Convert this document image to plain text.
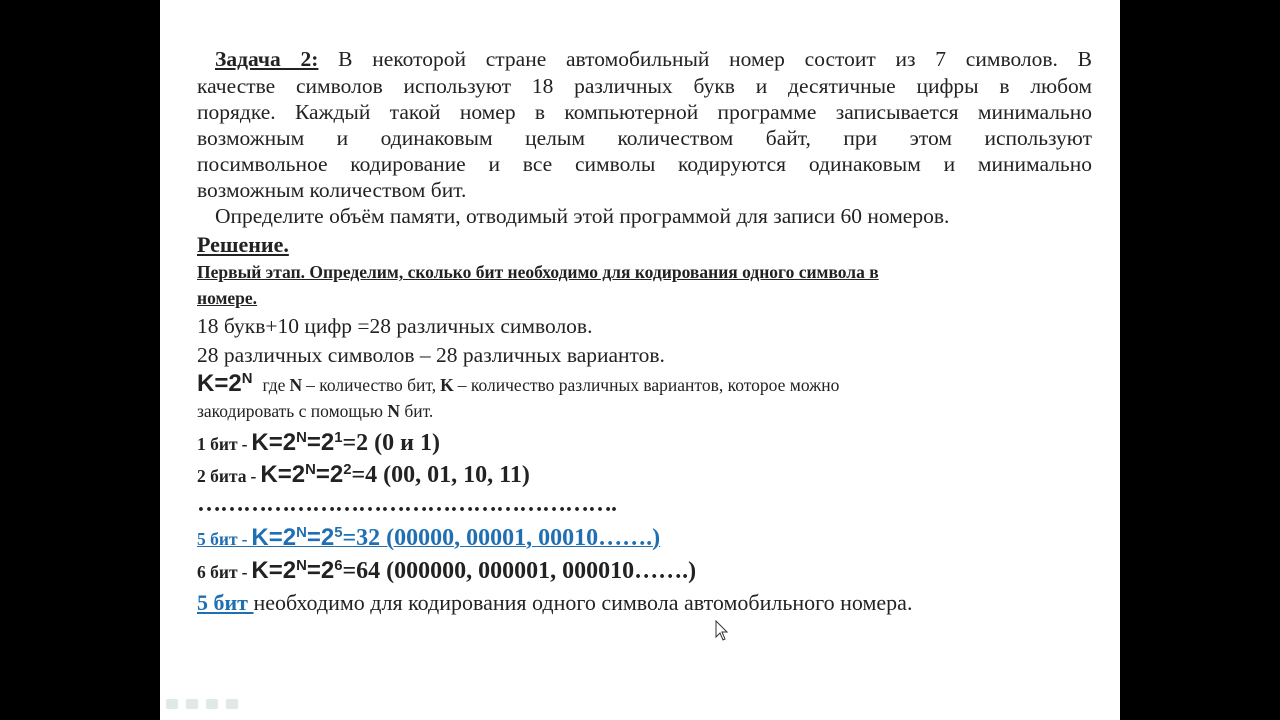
Задача 2: В некоторой стране автомобильный номер состоит из 7 символов. В
качестве символов используют 18 различных букв и десятичные цифры в любом
порядке. Каждый такой номер в компьютерной программе записывается минимально
возможным и одинаковым целым количеством байт, при этом используют
посимвольное кодирование и все символы кодируются одинаковым и минимально
возможным количеством бит.
Определите объём памяти, отводимый этой программой для записи 60 номеров.
Решение.
Первый этап. Определим, сколько бит необходимо для кодирования одного символа в
номере.
18 букв+10 цифр =28 различных символов.
28 различных символов – 28 различных вариантов.
$K=2^N$ где N – количество бит, K – количество различных вариантов, которое можно
закодировать с помощью N бит.
1 бит - $K=2^N=2^1=2$ (0 и 1)
2 бита - $K=2^N=2^2=4$ (00, 01, 10, 11)
……………………………………………….
5 бит - $K=2^N=2^5=32$ (00000, 00001, 00010…….)
6 бит - $K=2^N=2^6=64$ (000000, 000001, 000010…….)
5 бит необходимо для кодирования одного символа автомобильного номера.
